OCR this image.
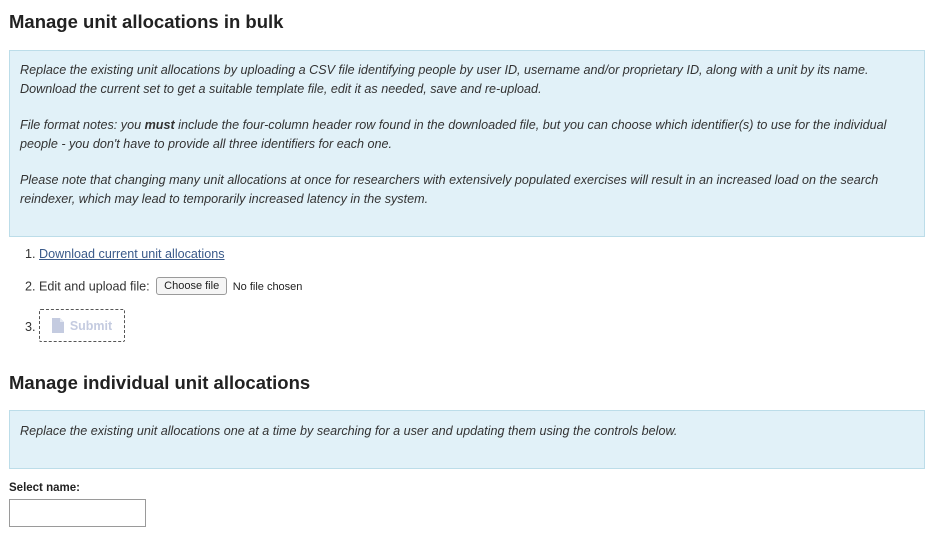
Manage unit allocations in bulk

Replace the existing unit allocations by uploading a CSV file identifying people by user ID, username and/or proprietary ID, along with a unit by its name. Download the current set to get a suitable template file, edit it as needed, save and re-upload.

File format notes: you must include the four-column header row found in the downloaded file, but you can choose which identifier(s) to use for the individual people - you don't have to provide all three identifiers for each one.

Please note that changing many unit allocations at once for researchers with extensively populated exercises will result in an increased load on the search reindexer, which may lead to temporarily increased latency in the system.

1. Download current unit allocations
2. Edit and upload file: Choose file No file chosen
3.	Submit
Manage individual unit allocations

Replace the existing unit allocations one at a time by searching for a user and updating them using the controls below.

Select name:
